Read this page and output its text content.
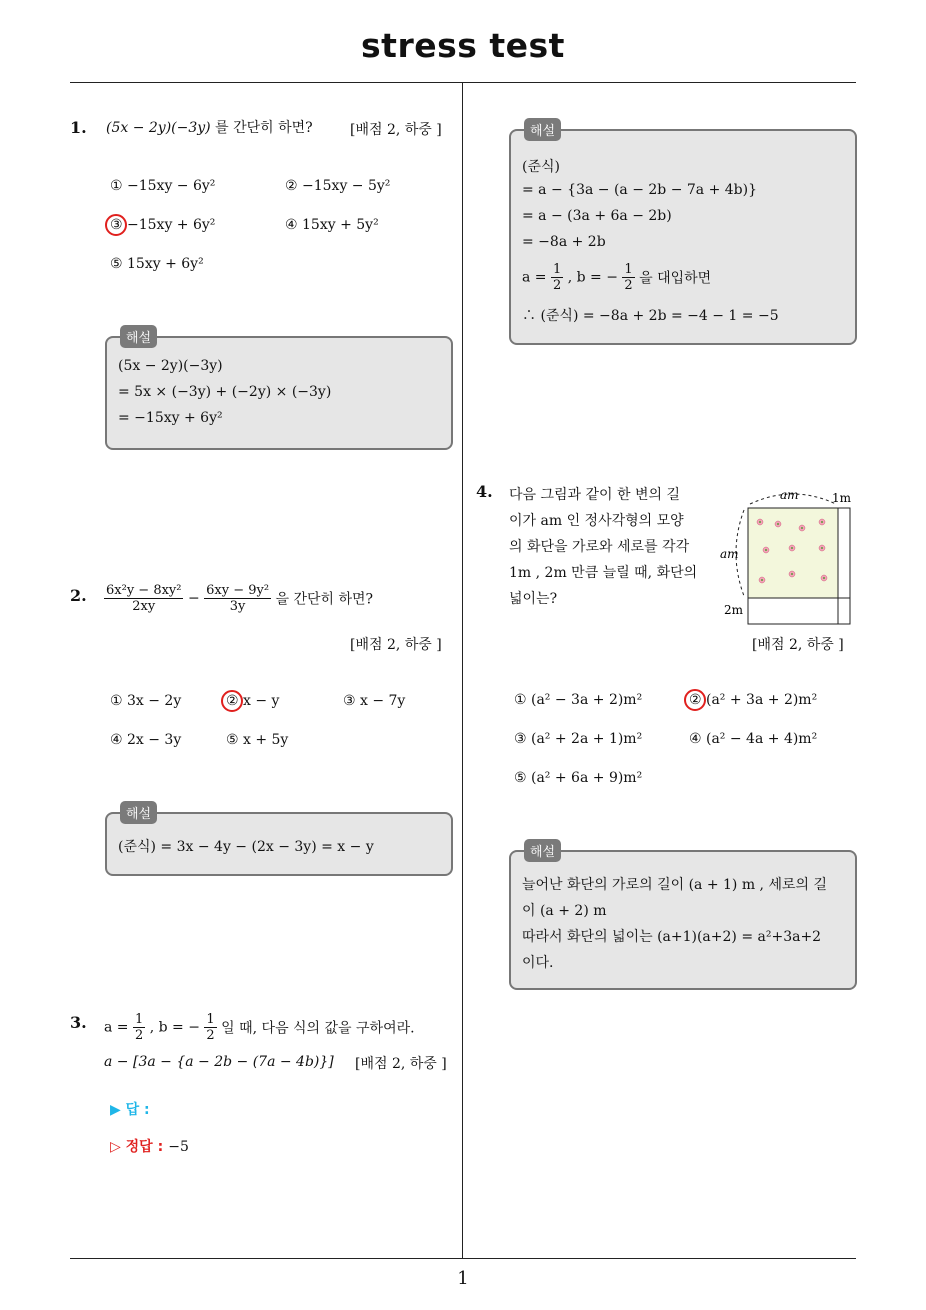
stress test
1
1. (5x − 2y)(−3y) 를 간단히 하면?	[배점 2, 하중 ]
① −15xy − 6y²	② −15xy − 5y²
③ −15xy + 6y²	④ 15xy + 5y²
⑤ 15xy + 6y²
해설
(5x − 2y)(−3y)
= 5x × (−3y) + (−2y) × (−3y)
= −15xy + 6y²
2. $\frac{\text{6x²y − 8xy²}}{2xy} - \frac{\text{6xy − 9y²}}{3y}$ 을 간단히 하면?
[배점 2, 하중 ]
① 3x − 2y	② x − y	③ x − 7y
④ 2x − 3y	⑤ x + 5y
해설
(준식) = 3x − 4y − (2x − 3y) = x − y
3. $a = \frac{1}{2}$ , b = − $\frac{1}{2}$ 일 때, 다음 식의 값을 구하여라.
a − [3a − {a − 2b − (7a − 4b)}] [배점 2, 하중 ]
▶ 답 :
▷ 정답 : −5
해설
(준식)
= a − {3a − (a − 2b − 7a + 4b)}
= a − (3a + 6a − 2b)
= −8a + 2b
$a = \frac{1}{2}$ , b = − $\frac{1}{2}$ 을 대입하면
∴ (준식) = −8a + 2b = −4 − 1 = −5
4. 다음 그림과 같이 한 변의 길
이가 am 인 정사각형의 모양
의 화단을 가로와 세로를 각각
1m , 2m 만큼 늘릴 때, 화단의
넓이는?
am	1m
am
2m
[배점 2, 하중 ]
① (a² − 3a + 2)m²	② (a² + 3a + 2)m²
③ (a² + 2a + 1)m²	④ (a² − 4a + 4)m²
⑤ (a² + 6a + 9)m²
해설
늘어난 화단의 가로의 길이 (a + 1) m , 세로의 길
이 (a + 2) m
따라서 화단의 넓이는 (a+1)(a+2) = a²+3a+2
이다.
